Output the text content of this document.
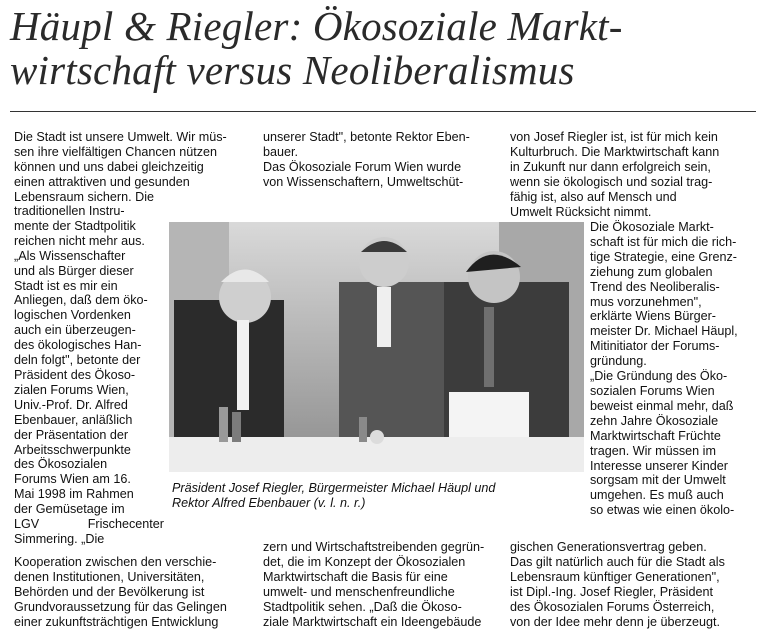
Häupl & Riegler: Ökosoziale Markt-
wirtschaft versus Neoliberalismus
Die Stadt ist unsere Umwelt. Wir müs-
sen ihre vielfältigen Chancen nützen
können und uns dabei gleichzeitig
einen attraktiven und gesunden
Lebensraum sichern. Die
traditionellen Instru-
mente der Stadtpolitik
reichen nicht mehr aus.
„Als Wissenschafter
und als Bürger dieser
Stadt ist es mir ein
Anliegen, daß dem öko-
logischen Vordenken
auch ein überzeugen-
des ökologisches Han-
deln folgt", betonte der
Präsident des Ökoso-
zialen Forums Wien,
Univ.-Prof. Dr. Alfred
Ebenbauer, anläßlich
der Präsentation der
Arbeitsschwerpunkte
des Ökosozialen
Forums Wien am 16.
Mai 1998 im Rahmen
der Gemüsetage im
LGV Frischecenter Simmering. „Die
Kooperation zwischen den verschie-
denen Institutionen, Universitäten,
Behörden und der Bevölkerung ist
Grundvoraussetzung für das Gelingen
einer zukunftsträchtigen Entwicklung
unserer Stadt", betonte Rektor Eben-
bauer.
Das Ökosoziale Forum Wien wurde
von Wissenschaftern, Umweltschüt-
zern und Wirtschaftstreibenden gegrün-
det, die im Konzept der Ökosozialen
Marktwirtschaft die Basis für eine
umwelt- und menschenfreundliche
Stadtpolitik sehen. „Daß die Ökoso-
ziale Marktwirtschaft ein Ideengebäude
von Josef Riegler ist, ist für mich kein
Kulturbruch. Die Marktwirtschaft kann
in Zukunft nur dann erfolgreich sein,
wenn sie ökologisch und sozial trag-
fähig ist, also auf Mensch und
Umwelt Rücksicht nimmt.
Die Ökosoziale Markt-
schaft ist für mich die rich-
tige Strategie, eine Grenz-
ziehung zum globalen
Trend des Neoliberalis-
mus vorzunehmen",
erklärte Wiens Bürger-
meister Dr. Michael Häupl,
Mitinitiator der Forums-
gründung.
„Die Gründung des Öko-
sozialen Forums Wien
beweist einmal mehr, daß
zehn Jahre Ökosoziale
Marktwirtschaft Früchte
tragen. Wir müssen im
Interesse unserer Kinder
sorgsam mit der Umwelt
umgehen. Es muß auch
so etwas wie einen ökolo-
gischen Generationsvertrag geben.
Das gilt natürlich auch für die Stadt als
Lebensraum künftiger Generationen",
ist Dipl.-Ing. Josef Riegler, Präsident
des Ökosozialen Forums Österreich,
von der Idee mehr denn je überzeugt.
Präsident Josef Riegler, Bürgermeister Michael Häupl und
Rektor Alfred Ebenbauer (v. l. n. r.)
